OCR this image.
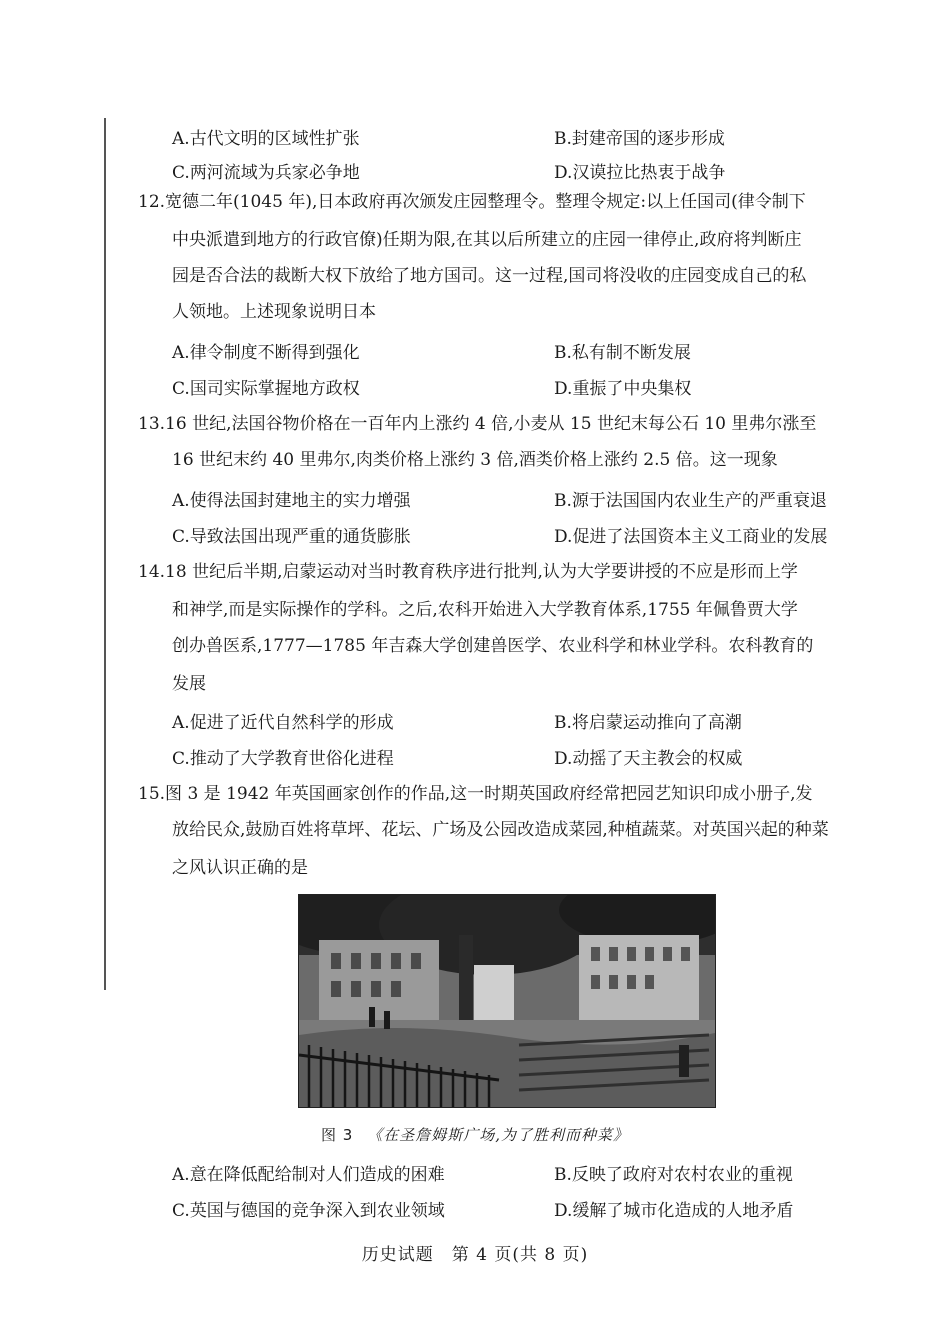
A.古代文明的区域性扩张	B.封建帝国的逐步形成
C.两河流域为兵家必争地	D.汉谟拉比热衷于战争
12.宽德二年(1045 年),日本政府再次颁发庄园整理令。整理令规定:以上任国司(律令制下
中央派遣到地方的行政官僚)任期为限,在其以后所建立的庄园一律停止,政府将判断庄
园是否合法的裁断大权下放给了地方国司。这一过程,国司将没收的庄园变成自己的私
人领地。上述现象说明日本
A.律令制度不断得到强化	B.私有制不断发展
C.国司实际掌握地方政权	D.重振了中央集权
13.16 世纪,法国谷物价格在一百年内上涨约 4 倍,小麦从 15 世纪末每公石 10 里弗尔涨至
16 世纪末约 40 里弗尔,肉类价格上涨约 3 倍,酒类价格上涨约 2.5 倍。这一现象
A.使得法国封建地主的实力增强	B.源于法国国内农业生产的严重衰退
C.导致法国出现严重的通货膨胀	D.促进了法国资本主义工商业的发展
14.18 世纪后半期,启蒙运动对当时教育秩序进行批判,认为大学要讲授的不应是形而上学
和神学,而是实际操作的学科。之后,农科开始进入大学教育体系,1755 年佩鲁贾大学
创办兽医系,1777—1785 年吉森大学创建兽医学、农业科学和林业学科。农科教育的
发展
A.促进了近代自然科学的形成	B.将启蒙运动推向了高潮
C.推动了大学教育世俗化进程	D.动摇了天主教会的权威
15.图 3 是 1942 年英国画家创作的作品,这一时期英国政府经常把园艺知识印成小册子,发
放给民众,鼓励百姓将草坪、花坛、广场及公园改造成菜园,种植蔬菜。对英国兴起的种菜
之风认识正确的是
图 3 《在圣詹姆斯广场,为了胜利而种菜》
A.意在降低配给制对人们造成的困难	B.反映了政府对农村农业的重视
C.英国与德国的竞争深入到农业领域	D.缓解了城市化造成的人地矛盾
历史试题　第 4 页(共 8 页)
